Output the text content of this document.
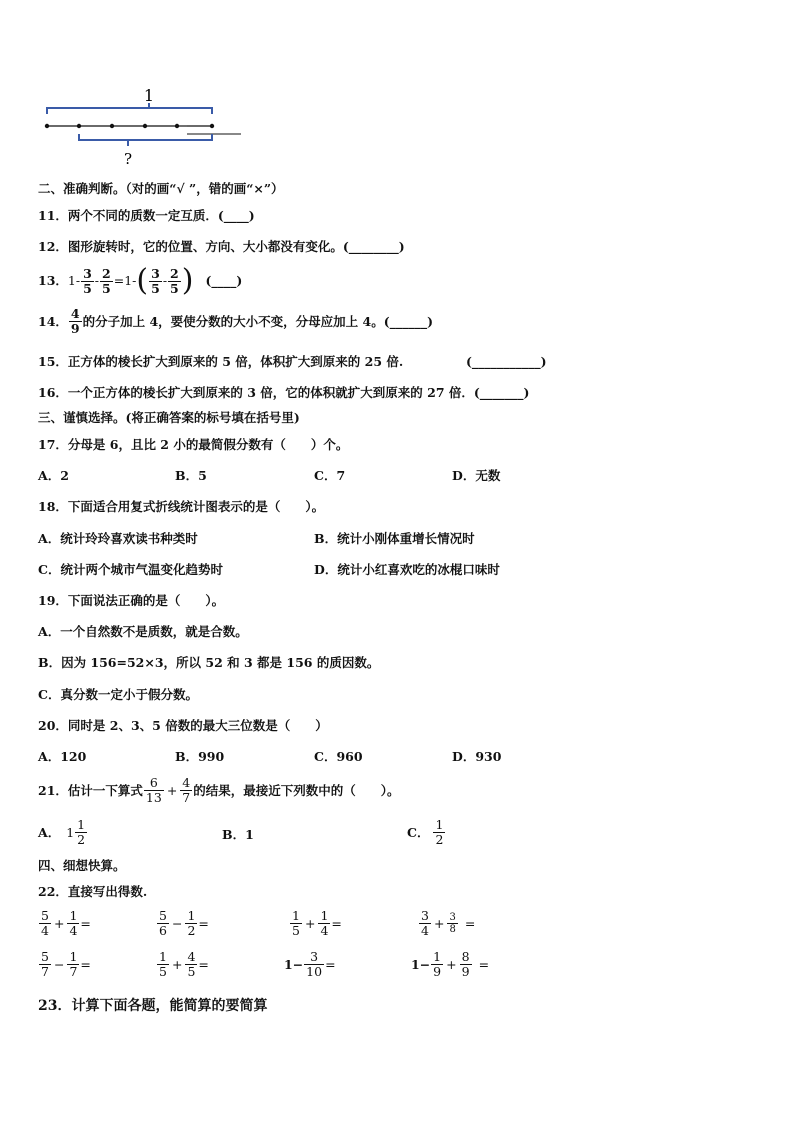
1
?
二、准确判断。（对的画“√ ”，错的画“×”）
11．两个不同的质数一定互质．(____)
12．图形旋转时，它的位置、方向、大小都没有变化。(________)
13． $1- \frac{3}{5} - \frac{2}{5} =1-$ ( $\frac{3}{5} - \frac{2}{5}$ ) (____)
14． $\frac{4}{9}$ 的分子加上 4，要使分数的大小不变，分母应加上 4。(______)
15．正方体的棱长扩大到原来的 5 倍，体积扩大到原来的 25 倍.	(___________)
16．一个正方体的棱长扩大到原来的 3 倍，它的体积就扩大到原来的 27 倍．(_______)
三、谨慎选择。(将正确答案的标号填在括号里)
17．分母是 6，且比 2 小的最简假分数有（　　）个。
A．2	B．5	C．7	D．无数
18．下面适合用复式折线统计图表示的是（　　）。
A．统计玲玲喜欢读书种类时	B．统计小刚体重增长情况时
C．统计两个城市气温变化趋势时	D．统计小红喜欢吃的冰棍口味时
19．下面说法正确的是（　　）。
A．一个自然数不是质数，就是合数。
B．因为 156=52×3，所以 52 和 3 都是 156 的质因数。
C．真分数一定小于假分数。
20．同时是 2、3、5 倍数的最大三位数是（　　）
A．120	B．990	C．960	D．930
21．估计一下算式 $\frac{6}{13} + \frac{4}{7}$ 的结果，最接近下列数中的（　　）。
A． $1 \frac{1}{2}$	B．1	C． $\frac{1}{2}$
四、细想快算。
22．直接写出得数.
$\frac{5}{4} + \frac{1}{4}$ =	$\frac{5}{6} - \frac{1}{2}$ =	$\frac{1}{5} + \frac{1}{4}$ =	$\frac{3}{4} + \frac{3}{8}$ =
$\frac{5}{7} - \frac{1}{7}$ =	$\frac{1}{5} + \frac{4}{5}$ =	$1- \frac{3}{10}$ =	$1- \frac{1}{9} + \frac{8}{9}$ =
23．计算下面各题，能简算的要简算
